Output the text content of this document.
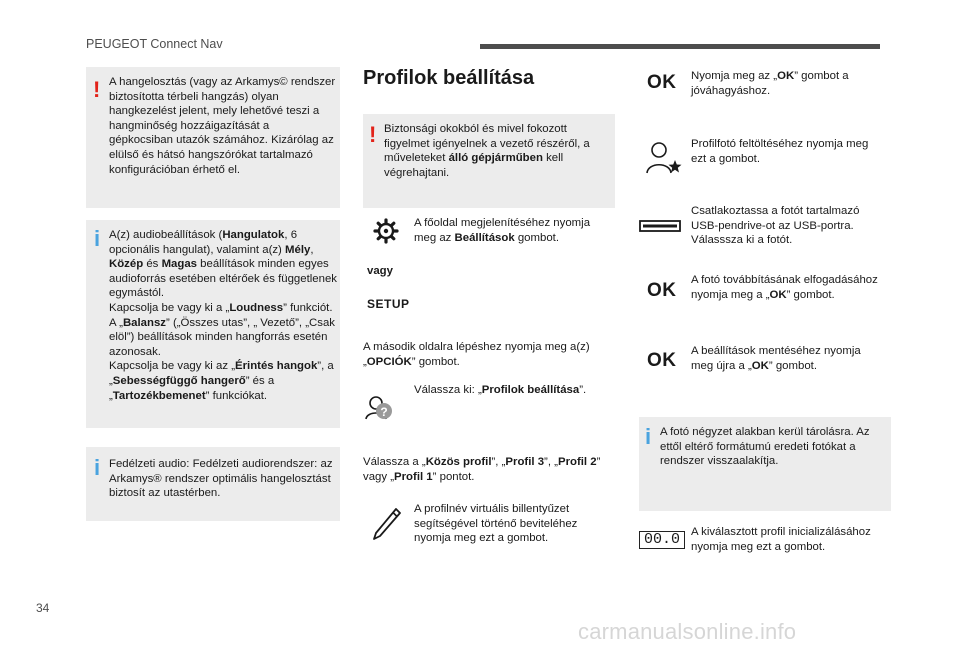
PEUGEOT Connect Nav
! A hangelosztás (vagy az Arkamys© rendszer biztosította térbeli hangzás) olyan hangkezelést jelent, mely lehetővé teszi a hangminőség hozzáigazítását a gépkocsiban utazók számához. Kizárólag az elülső és hátsó hangszórókat tartalmazó konfigurációban érhető el.
i A(z) audiobeállítások (Hangulatok, 6 opcionális hangulat), valamint a(z) Mély, Közép és Magas beállítások minden egyes audioforrás esetében eltérőek és függetlenek egymástól.

Kapcsolja be vagy ki a „Loudness” funkciót.

A „Balansz” („Összes utas”, „ Vezető”, „Csak elöl”) beállítások minden hangforrás esetén azonosak.

Kapcsolja be vagy ki az „Érintés hangok”, a „Sebességfüggő hangerő” és a „Tartozékbemenet” funkciókat.

i Fedélzeti audio: Fedélzeti audiorendszer: az Arkamys® rendszer optimális hangelosztást biztosít az utastérben.
Profilok beállítása
! Biztonsági okokból és mivel fokozott figyelmet igényelnek a vezető részéről, a műveleteket álló gépjárműben kell végrehajtani.
A főoldal megjelenítéséhez nyomja meg az Beállítások gombot.
vagy
SETUP
A második oldalra lépéshez nyomja meg a(z) „OPCIÓK” gombot.
?
Válassza ki: „Profilok beállítása”.
Válassza a „Közös profil”, „Profil 3”, „Profil 2” vagy „Profil 1” pontot.
A profilnév virtuális billentyűzet segítségével történő beviteléhez nyomja meg ezt a gombot.
OK Nyomja meg az „OK” gombot a jóváhagyáshoz.
Profilfotó feltöltéséhez nyomja meg ezt a gombot.
Csatlakoztassa a fotót tartalmazó USB-pendrive-ot az USB-portra. Válasssza ki a fotót.
OK A fotó továbbításának elfogadásához nyomja meg a „OK” gombot.
OK A beállítások mentéséhez nyomja meg újra a „OK” gombot.
i A fotó négyzet alakban kerül tárolásra. Az ettől eltérő formátumú eredeti fotókat a rendszer visszaalakítja.
00.0 A kiválasztott profil inicializálásához nyomja meg ezt a gombot.
34
carmanualsonline.info
